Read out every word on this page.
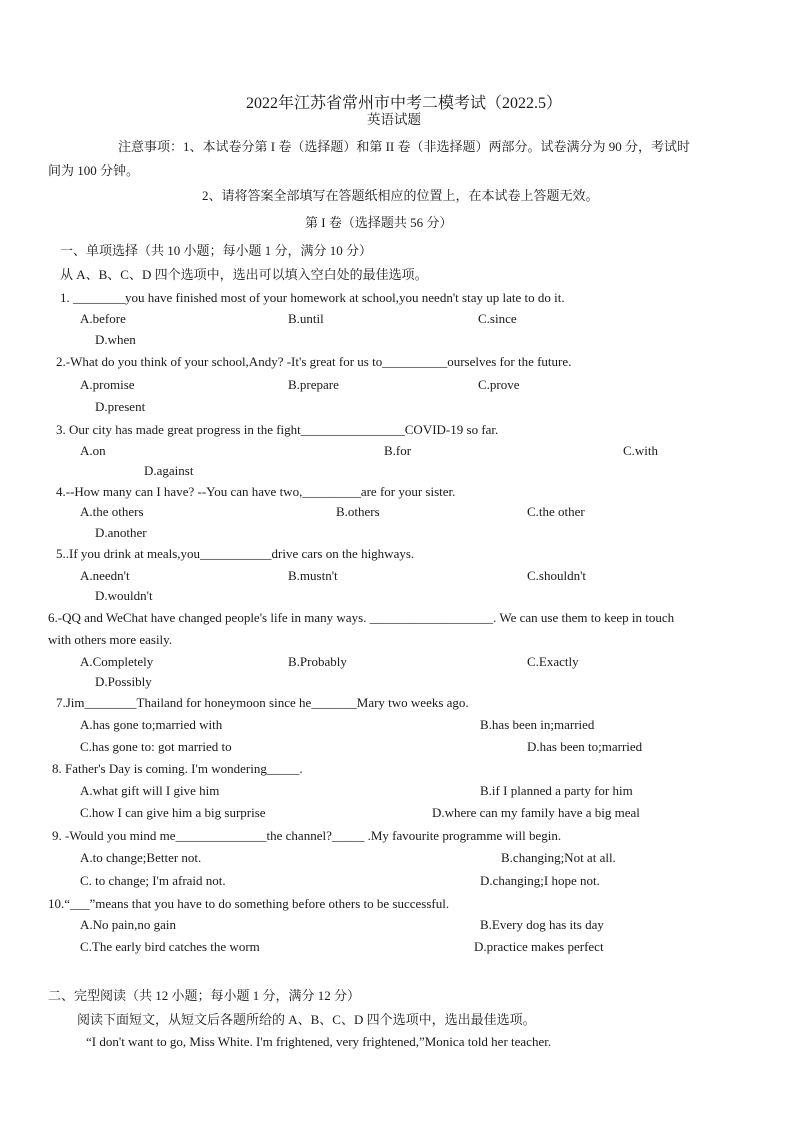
2022年江苏省常州市中考二模考试（2022.5）
英语试题
注意事项：1、本试卷分第 I 卷（选择题）和第 II 卷（非选择题）两部分。试卷满分为 90 分，考试时
间为 100 分钟。
2、请将答案全部填写在答题纸相应的位置上，在本试卷上答题无效。
第 I 卷（选择题共 56 分）
一、单项选择（共 10 小题；每小题 1 分，满分 10 分）
从 A、B、C、D 四个选项中，选出可以填入空白处的最佳选项。
1. ________you have finished most of your homework at school,you needn't stay up late to do it.
A.before	B.until	C.since
D.when
2.-What do you think of your school,Andy? -It's great for us to__________ourselves for the future.
A.promise	B.prepare	C.prove
D.present
3. Our city has made great progress in the fight________________COVID-19 so far.
A.on	B.for	C.with
D.against
4.--How many can I have? --You can have two,_________are for your sister.
A.the others	B.others	C.the other
D.another
5..If you drink at meals,you___________drive cars on the highways.
A.needn't	B.mustn't	C.shouldn't
D.wouldn't
6.-QQ and WeChat have changed people's life in many ways. ___________________. We can use them to keep in touch
with others more easily.
A.Completely	B.Probably	C.Exactly
D.Possibly
7.Jim________Thailand for honeymoon since he_______Mary two weeks ago.
A.has gone to;married with	B.has been in;married
C.has gone to: got married to	D.has been to;married
8. Father's Day is coming. I'm wondering_____.
A.what gift will I give him	B.if I planned a party for him
C.how I can give him a big surprise	D.where can my family have a big meal
9. -Would you mind me______________the channel?_____ .My favourite programme will begin.
A.to change;Better not.	B.changing;Not at all.
C. to change; I'm afraid not.	D.changing;I hope not.
10.“___”means that you have to do something before others to be successful.
A.No pain,no gain	B.Every dog has its day
C.The early bird catches the worm	D.practice makes perfect
二、完型阅读（共 12 小题；每小题 1 分，满分 12 分）
阅读下面短文，从短文后各题所给的 A、B、C、D 四个选项中，选出最佳选项。
“I don't want to go, Miss White. I'm frightened, very frightened,”Monica told her teacher.
